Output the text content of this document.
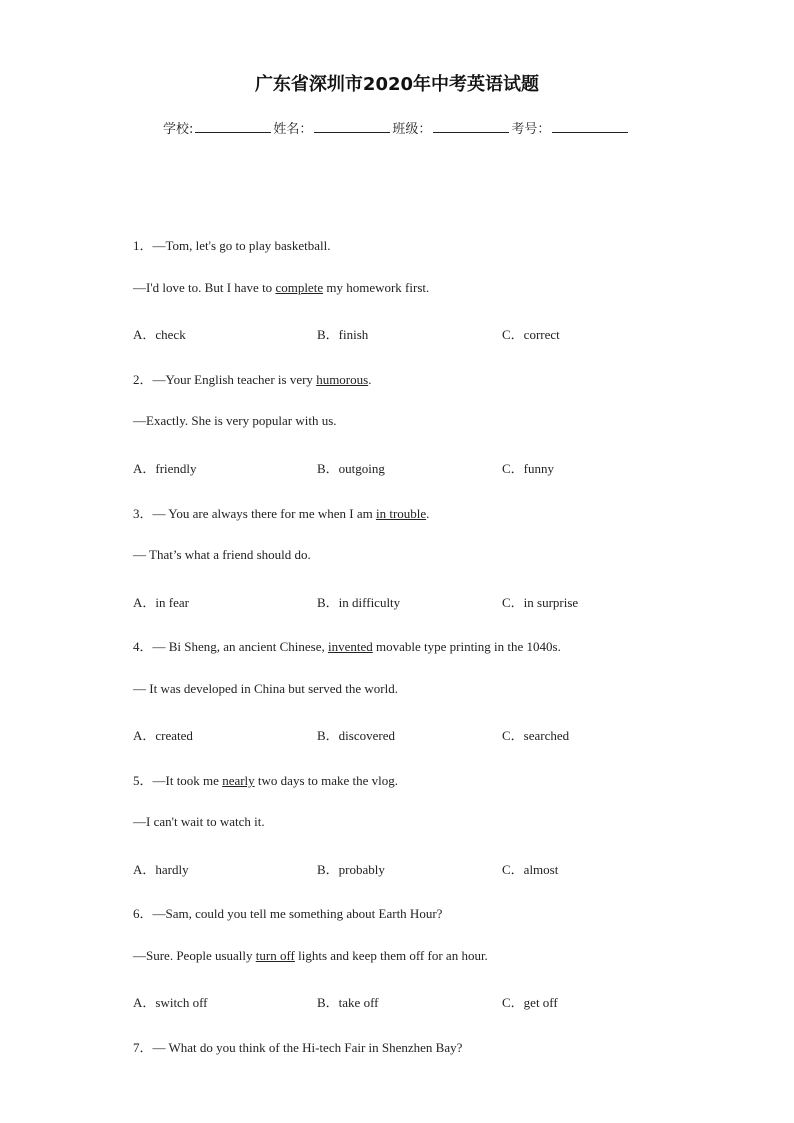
广东省深圳市2020年中考英语试题
学校:	姓名：	班级：	考号：
1．—Tom, let's go to play basketball.
—I'd love to. But I have to complete my homework first.
A．check	B．finish	C．correct
2．—Your English teacher is very humorous.
—Exactly. She is very popular with us.
A．friendly	B．outgoing	C．funny
3．— You are always there for me when I am in trouble.
— That’s what a friend should do.
A．in fear	B．in difficulty	C．in surprise
4．— Bi Sheng, an ancient Chinese, invented movable type printing in the 1040s.
— It was developed in China but served the world.
A．created	B．discovered	C．searched
5．—It took me nearly two days to make the vlog.
—I can't wait to watch it.
A．hardly	B．probably	C．almost
6．—Sam, could you tell me something about Earth Hour?
—Sure. People usually turn off lights and keep them off for an hour.
A．switch off	B．take off	C．get off
7．— What do you think of the Hi-tech Fair in Shenzhen Bay?
